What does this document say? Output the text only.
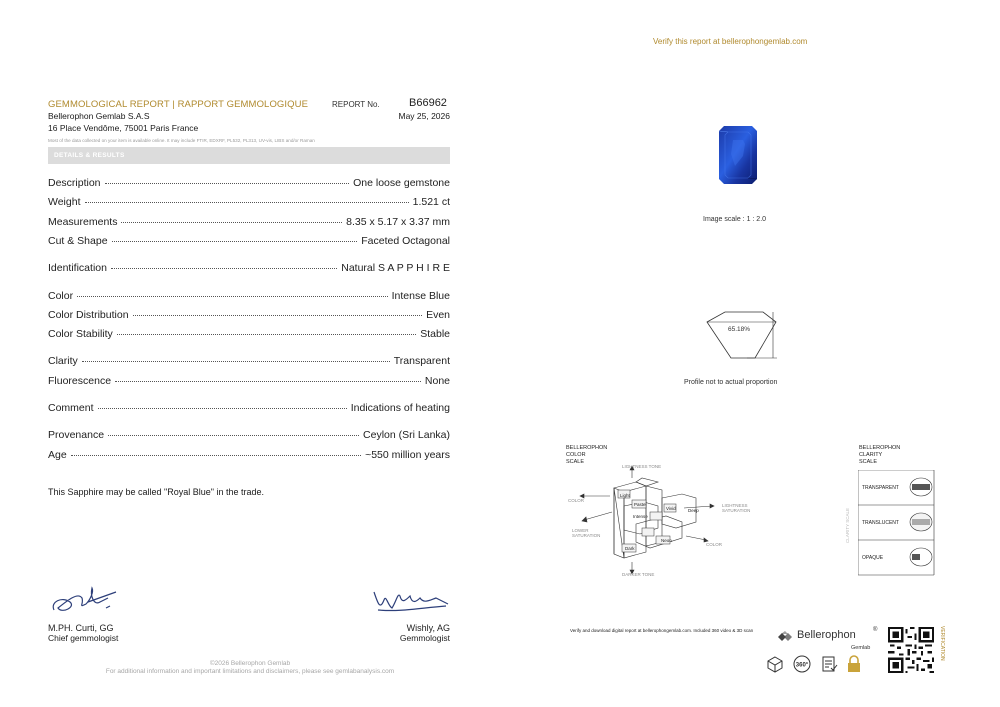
GEMMOLOGICAL REPORT | RAPPORT GEMMOLOGIQUE	REPORT No.	B66962
Bellerophon Gemlab S.A.S	May 25, 2026
16 Place Vendôme, 75001 Paris France
Most of the data collected on your item is available online. It may include FTIR, EDXRF, PL532, PL313, UV-vis, LIBS and/or Raman
DETAILS & RESULTS
Description	One loose gemstone
Weight	1.521 ct
Measurements	8.35 x 5.17 x 3.37 mm
Cut & Shape	Faceted Octagonal
Identification	Natural S A P P H I R E
Color	Intense Blue
Color Distribution	Even
Color Stability	Stable
Clarity	Transparent
Fluorescence	None
Comment	Indications of heating
Provenance	Ceylon (Sri Lanka)
Age	~550 million years
This Sapphire may be called "Royal Blue" in the trade.
M.PH. Curti, GG
Chief gemmologist
Wishly, AG
Gemmologist
©2026 Bellerophon Gemlab
For additional information and important limitations and disclaimers, please see gemlabanalysis.com
Verify this report at bellerophongemlab.com
Image scale : 1 : 2.0
65.18%
Profile not to actual proportion
BELLEROPHON
COLOR
SCALE
Light
Pastel
Vivid	Deep
Intense
Dark
Neon
LIGHTNESS TONE
COLOR
LIGHTNESS SATURATION
LOWER SATURATION
COLOR
DARKER TONE
BELLEROPHON
CLARITY
SCALE
CLARITY SCALE
TRANSPARENT
TRANSLUCENT
OPAQUE
Verify and download digital report at bellerophongemlab.com. Included 360 video & 3D scan	Bellerophon	®
Gemlab
360°
VERIFICATION
